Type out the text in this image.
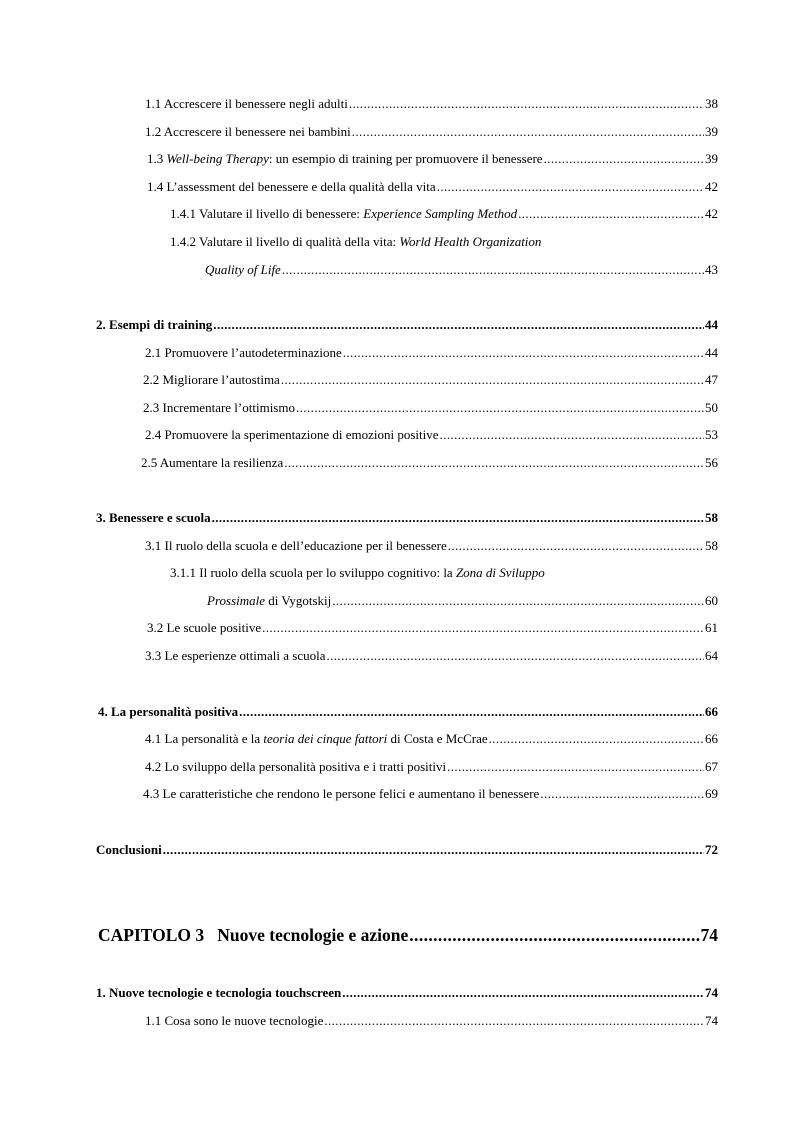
1.1 Accrescere il benessere negli adulti .....	38
1.2 Accrescere il benessere nei bambini .....	39
1.3 Well-being Therapy: un esempio di training per promuovere il benessere .....	39
1.4 L’assessment del benessere e della qualità della vita .....	42
1.4.1 Valutare il livello di benessere: Experience Sampling Method .....	42
1.4.2 Valutare il livello di qualità della vita: World Health Organization
Quality of Life .....	43
2. Esempi di training .....	44
2.1 Promuovere l’autodeterminazione .....	44
2.2 Migliorare l’autostima .....	47
2.3 Incrementare l’ottimismo .....	50
2.4 Promuovere la sperimentazione di emozioni positive .....	53
2.5 Aumentare la resilienza .....	56
3. Benessere e scuola .....	58
3.1 Il ruolo della scuola e dell’educazione per il benessere .....	58
3.1.1 Il ruolo della scuola per lo sviluppo cognitivo: la Zona di Sviluppo
Prossimale di Vygotskij .....	60
3.2 Le scuole positive .....	61
3.3 Le esperienze ottimali a scuola .....	64
4. La personalità positiva .....	66
4.1 La personalità e la teoria dei cinque fattori di Costa e McCrae .....	66
4.2 Lo sviluppo della personalità positiva e i tratti positivi .....	67
4.3 Le caratteristiche che rendono le persone felici e aumentano il benessere .....	69
Conclusioni .....	72
CAPITOLO 3   Nuove tecnologie e azione .....	74
1. Nuove tecnologie e tecnologia touchscreen .....	74
1.1 Cosa sono le nuove tecnologie .....	74
